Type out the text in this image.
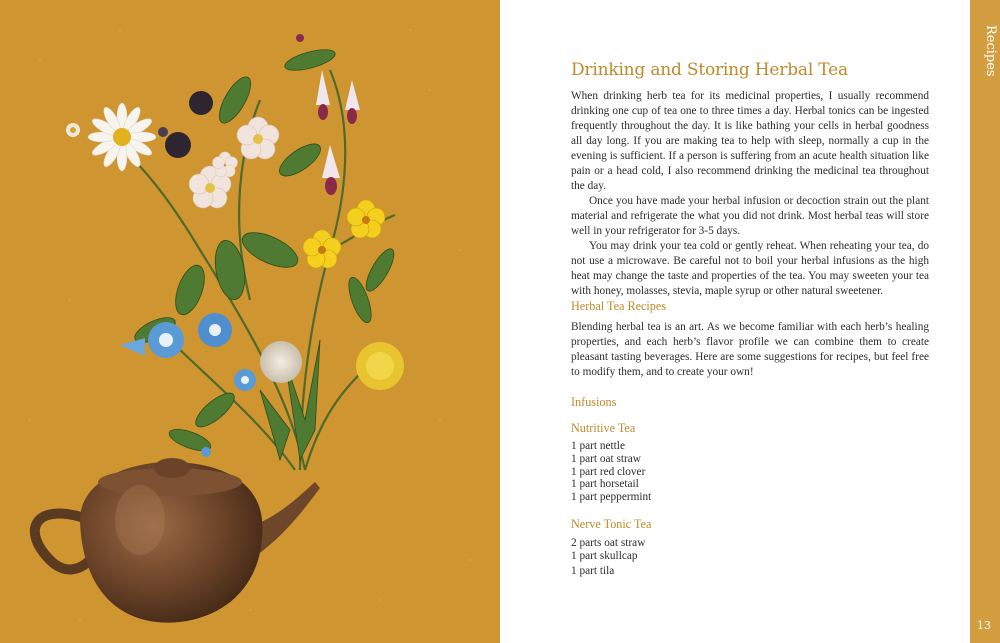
Recipes
13
Drinking and Storing Herbal Tea

When drinking herb tea for its medicinal properties, I usually recommend drinking one cup of tea one to three times a day. Herbal tonics can be ingested frequently throughout the day. It is like bathing your cells in herbal goodness all day long. If you are making tea to help with sleep, normally a cup in the evening is sufficient. If a person is suffering from an acute health situation like pain or a head cold, I also recommend drinking the medicinal tea throughout the day.

Once you have made your herbal infusion or decoction strain out the plant material and refrigerate the what you did not drink. Most herbal teas will store well in your refrigerator for 3-5 days.

You may drink your tea cold or gently reheat. When reheating your tea, do not use a microwave. Be careful not to boil your herbal infusions as the high heat may change the taste and properties of the tea. You may sweeten your tea with honey, molasses, stevia, maple syrup or other natural sweetener.

Herbal Tea Recipes

Blending herbal tea is an art. As we become familiar with each herb’s healing properties, and each herb’s flavor profile we can combine them to create pleasant tasting beverages. Here are some suggestions for recipes, but feel free to modify them, and to create your own!

Infusions
Nutritive Tea
1 part nettle
1 part oat straw
1 part red clover
1 part horsetail
1 part peppermint
Nerve Tonic Tea
2 parts oat straw
1 part skullcap
1 part tila
